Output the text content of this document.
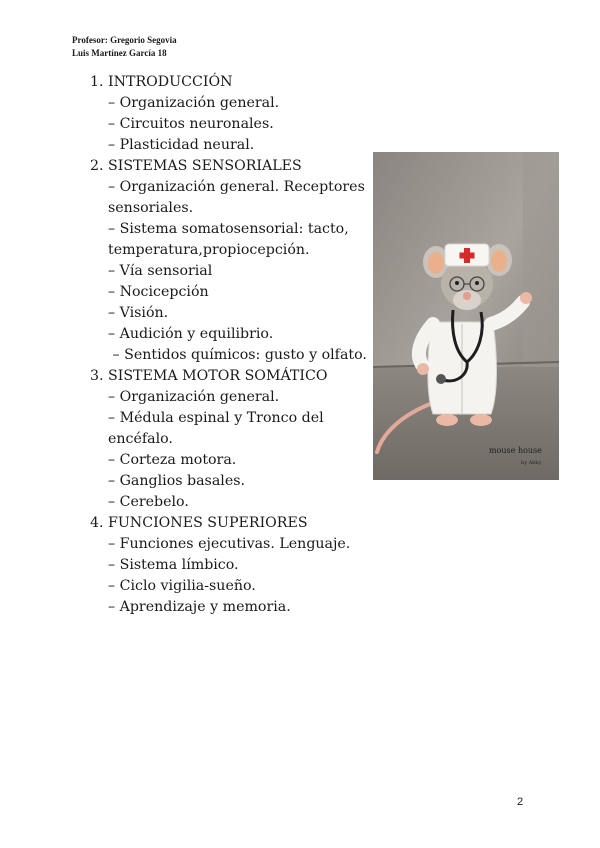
Profesor: Gregorio Segovia
Luis Martínez García 18
1. INTRODUCCIÓN
– Organización general.
– Circuitos neuronales.
– Plasticidad neural.
2. SISTEMAS SENSORIALES
– Organización general. Receptores sensoriales.
– Sistema somatosensorial: tacto, temperatura,propiocepción.
– Vía sensorial
– Nocicepción
– Visión.
– Audición y equilibrio.
– Sentidos químicos: gusto y olfato.
3. SISTEMA MOTOR SOMÁTICO
– Organización general.
– Médula espinal y Tronco del encéfalo.
– Corteza motora.
– Ganglios basales.
– Cerebelo.
4. FUNCIONES SUPERIORES
– Funciones ejecutivas. Lenguaje.
– Sistema límbico.
– Ciclo vigilia-sueño.
– Aprendizaje y memoria.
mouse house
by Abby
2
